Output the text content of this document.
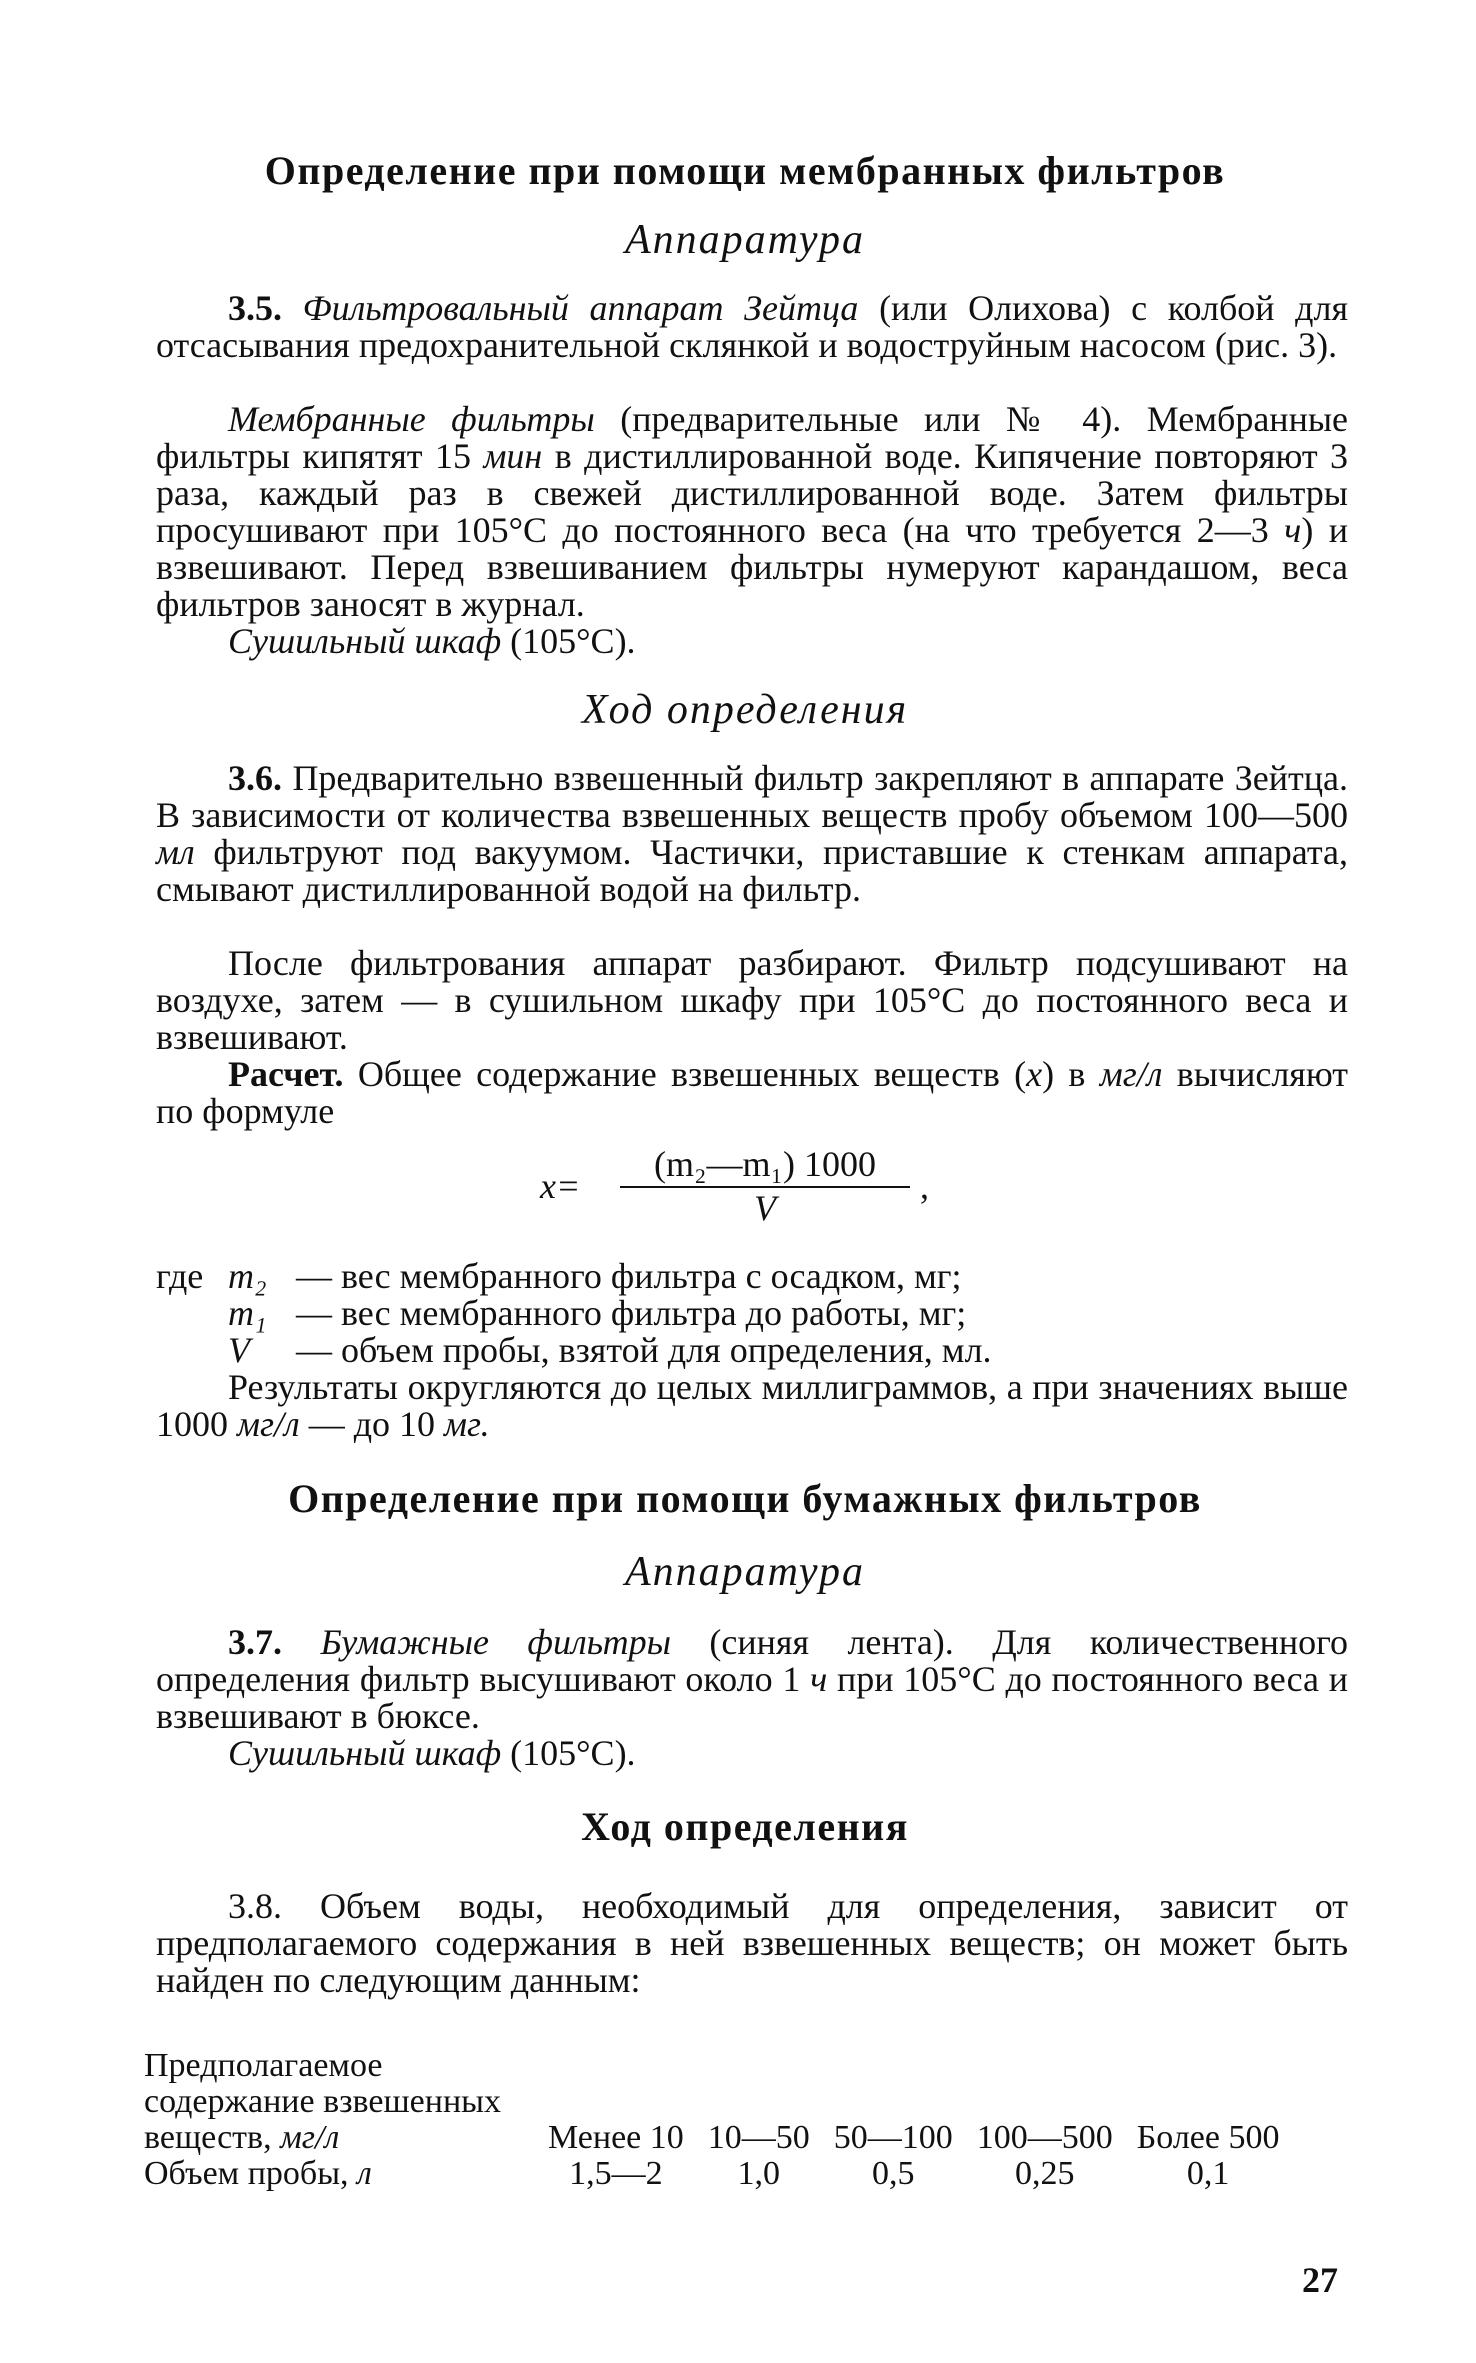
Определение при помощи мембранных фильтров
Аппаратура

3.5. Фильтровальный аппарат Зейтца (или Олихова) с колбой для отсасывания предохранительной склянкой и водоструйным насосом (рис. 3).

Мембранные фильтры (предварительные или № 4). Мембранные фильтры кипятят 15 мин в дистиллированной воде. Кипячение повторяют 3 раза, каждый раз в свежей дистиллированной воде. Затем фильтры просушивают при 105°С до постоянного веса (на что требуется 2—3 ч) и взвешивают. Перед взвешиванием фильтры нумеруют карандашом, веса фильтров заносят в журнал.

Сушильный шкаф (105°С).

Ход определения

3.6. Предварительно взвешенный фильтр закрепляют в аппарате Зейтца. В зависимости от количества взвешенных веществ пробу объемом 100—500 мл фильтруют под вакуумом. Частички, приставшие к стенкам аппарата, смывают дистиллированной водой на фильтр.

После фильтрования аппарат разбирают. Фильтр подсушивают на воздухе, затем — в сушильном шкафу при 105°С до постоянного веса и взвешивают.

Расчет. Общее содержание взвешенных веществ (x) в мг/л вычисляют по формуле

x=
(m₂—m₁) 1000
V
,
где m₂ — вес мембранного фильтра с осадком, мг;
m₁ — вес мембранного фильтра до работы, мг;
V — объем пробы, взятой для определения, мл.

Результаты округляются до целых миллиграммов, а при значениях выше 1000 мг/л — до 10 мг.

Определение при помощи бумажных фильтров
Аппаратура

3.7. Бумажные фильтры (синяя лента). Для количественного определения фильтр высушивают около 1 ч при 105°С до постоянного веса и взвешивают в бюксе.

Сушильный шкаф (105°С).

Ход определения

3.8. Объем воды, необходимый для определения, зависит от предполагаемого содержания в ней взвешенных веществ; он может быть найден по следующим данным:

Предполагаемое содержание взвешенных веществ, мг/л	Менее 10	10—50	50—100	100—500	Более 500
Объем пробы, л	1,5—2	1,0	0,5	0,25	0,1
27
